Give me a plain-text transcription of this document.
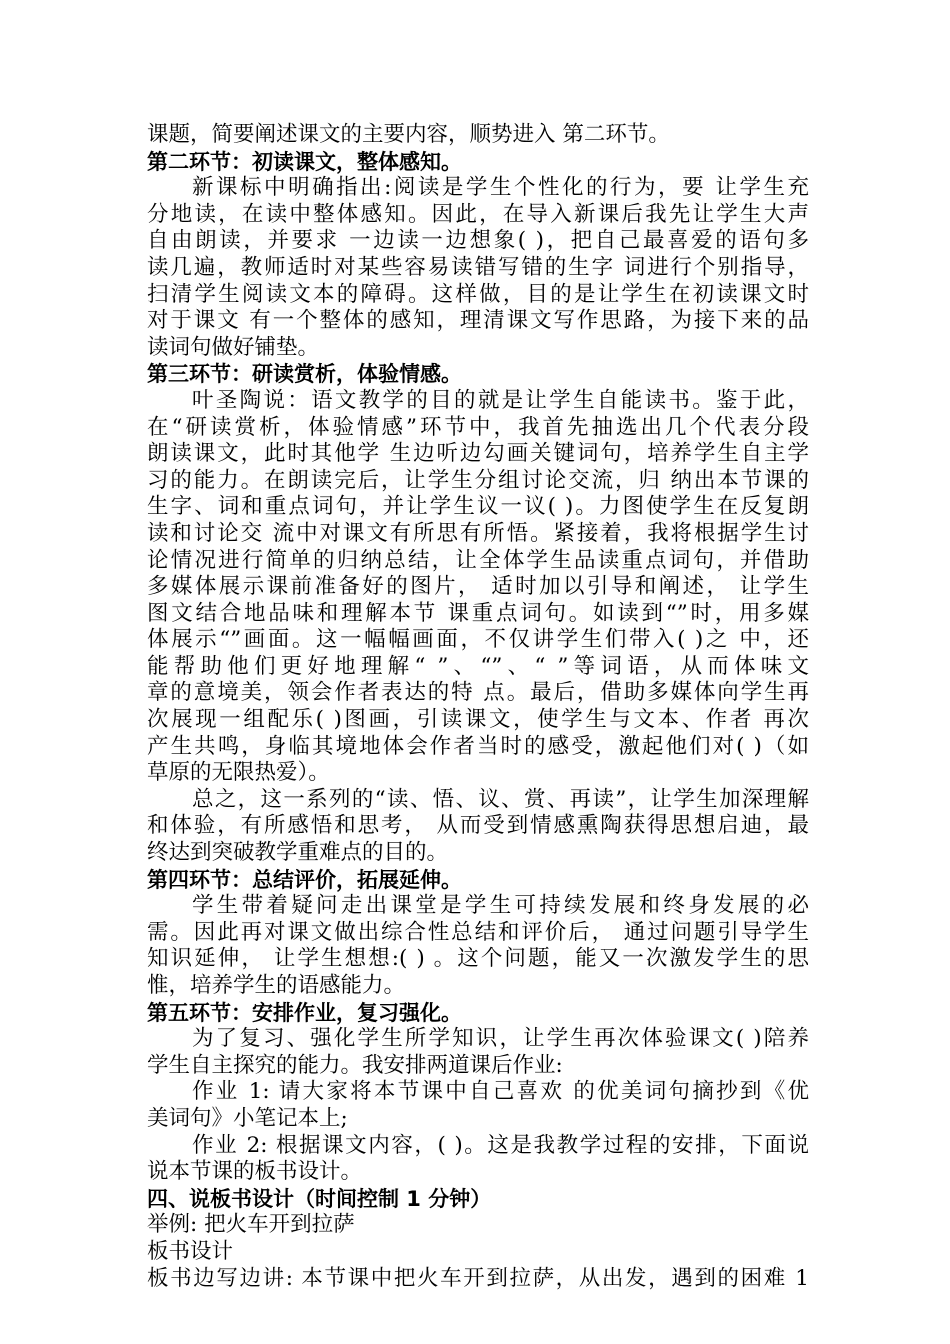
课题，简要阐述课文的主要内容，顺势进入 第二环节。
第二环节：初读课文，整体感知。
新课标中明确指出:阅读是学生个性化的行为，要 让学生充
分地读，在读中整体感知。因此，在导入新课后我先让学生大声
自由朗读，并要求 一边读一边想象( )，把自己最喜爱的语句多
读几遍，教师适时对某些容易读错写错的生字 词进行个别指导，
扫清学生阅读文本的障碍。这样做，目的是让学生在初读课文时
对于课文 有一个整体的感知，理清课文写作思路，为接下来的品
读词句做好铺垫。
第三环节：研读赏析，体验情感。
叶圣陶说：语文教学的目的就是让学生自能读书。鉴于此，
在“研读赏析，体验情感”环节中，我首先抽选出几个代表分段
朗读课文，此时其他学 生边听边勾画关键词句，培养学生自主学
习的能力。在朗读完后，让学生分组讨论交流，归 纳出本节课的
生字、词和重点词句，并让学生议一议( )。力图使学生在反复朗
读和讨论交 流中对课文有所思有所悟。紧接着，我将根据学生讨
论情况进行简单的归纳总结，让全体学生品读重点词句，并借助
多媒体展示课前准备好的图片， 适时加以引导和阐述， 让学生
图文结合地品味和理解本节 课重点词句。如读到“”时，用多媒
体展示“”画面。这一幅幅画面，不仅讲学生们带入( )之 中，还
能帮助他们更好地理解“ ”、“”、“ ”等词语，从而体味文
章的意境美，领会作者表达的特 点。最后，借助多媒体向学生再
次展现一组配乐( )图画，引读课文，使学生与文本、作者 再次
产生共鸣，身临其境地体会作者当时的感受，激起他们对( )（如
草原的无限热爱）。
总之，这一系列的“读、悟、议、赏、再读”，让学生加深理解
和体验，有所感悟和思考， 从而受到情感熏陶获得思想启迪，最
终达到突破教学重难点的目的。
第四环节：总结评价，拓展延伸。
学生带着疑问走出课堂是学生可持续发展和终身发展的必
需。因此再对课文做出综合性总结和评价后， 通过问题引导学生
知识延伸， 让学生想想:( ) 。这个问题，能又一次激发学生的思
惟，培养学生的语感能力。
第五环节：安排作业，复习强化。
为了复习、强化学生所学知识，让学生再次体验课文( )陪养
学生自主探究的能力。我安排两道课后作业:
作业 1: 请大家将本节课中自己喜欢 的优美词句摘抄到《优
美词句》小笔记本上;
作业 2: 根据课文内容，( )。这是我教学过程的安排，下面说
说本节课的板书设计。
四、说板书设计（时间控制 1 分钟）
举例: 把火车开到拉萨
板书设计
板书边写边讲: 本节课中把火车开到拉萨，从出发，遇到的困难 1
